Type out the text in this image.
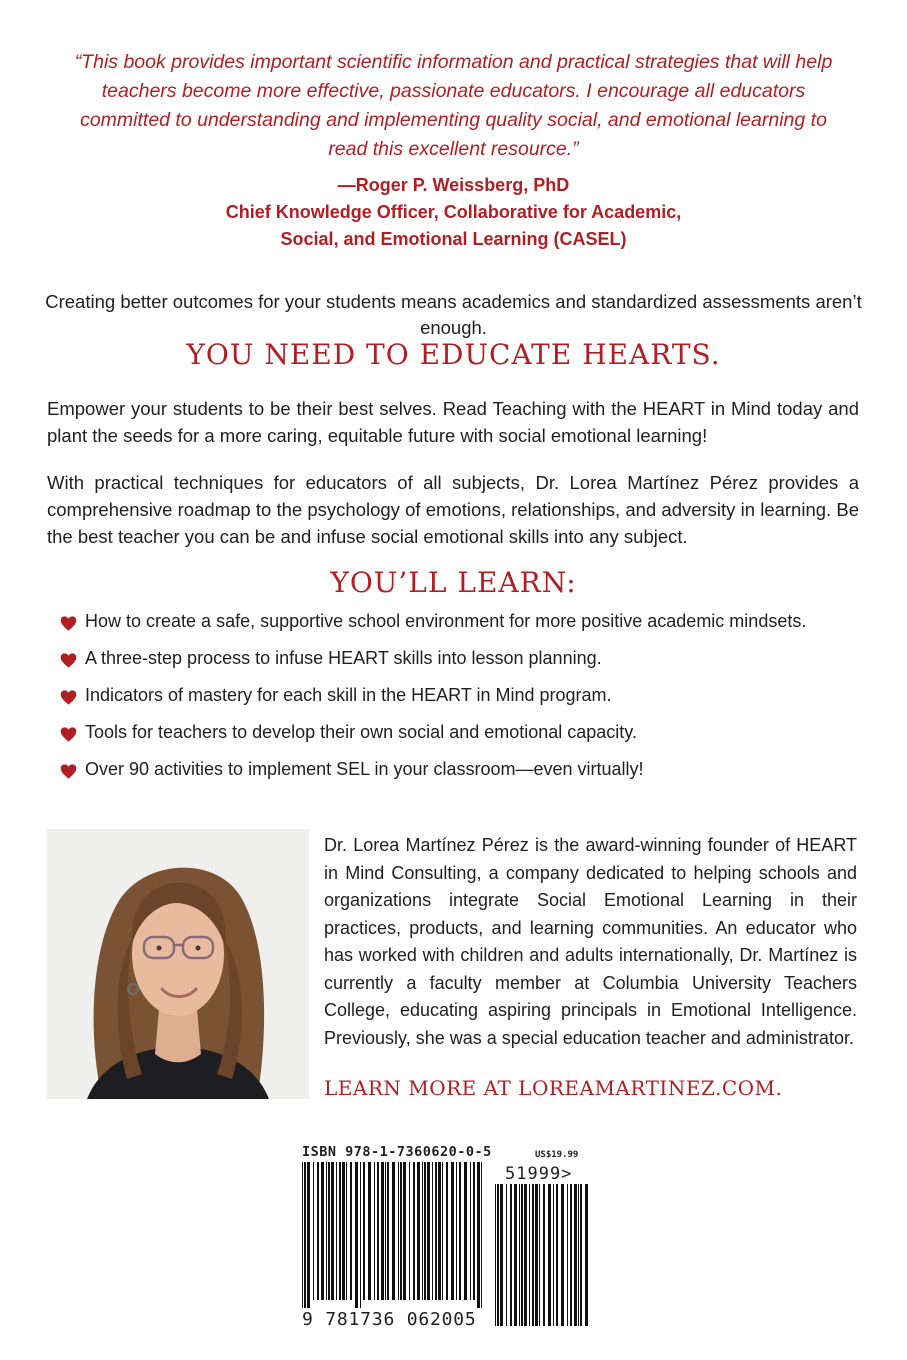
“This book provides important scientific information and practical strategies that will help teachers become more effective, passionate educators. I encourage all educators committed to understanding and implementing quality social, and emotional learning to read this excellent resource.”
—Roger P. Weissberg, PhD
Chief Knowledge Officer, Collaborative for Academic,
Social, and Emotional Learning (CASEL)
Creating better outcomes for your students means academics and standardized assessments aren’t enough.
YOU NEED TO EDUCATE HEARTS.
Empower your students to be their best selves. Read Teaching with the HEART in Mind today and plant the seeds for a more caring, equitable future with social emotional learning!
With practical techniques for educators of all subjects, Dr. Lorea Martínez Pérez provides a comprehensive roadmap to the psychology of emotions, relationships, and adversity in learning. Be the best teacher you can be and infuse social emotional skills into any subject.
YOU’LL LEARN:
How to create a safe, supportive school environment for more positive academic mindsets.
A three-step process to infuse HEART skills into lesson planning.
Indicators of mastery for each skill in the HEART in Mind program.
Tools for teachers to develop their own social and emotional capacity.
Over 90 activities to implement SEL in your classroom—even virtually!
Dr. Lorea Martínez Pérez is the award-winning founder of HEART in Mind Consulting, a company dedicated to helping schools and organizations integrate Social Emotional Learning in their practices, products, and learning communities. An educator who has worked with children and adults internationally, Dr. Martínez is currently a faculty member at Columbia University Teachers College, educating aspiring principals in Emotional Intelligence. Previously, she was a special education teacher and administrator.
LEARN MORE AT LOREAMARTINEZ.COM.
ISBN 978-1-7360620-0-5	US$19.99
51999>
9 781736 062005
